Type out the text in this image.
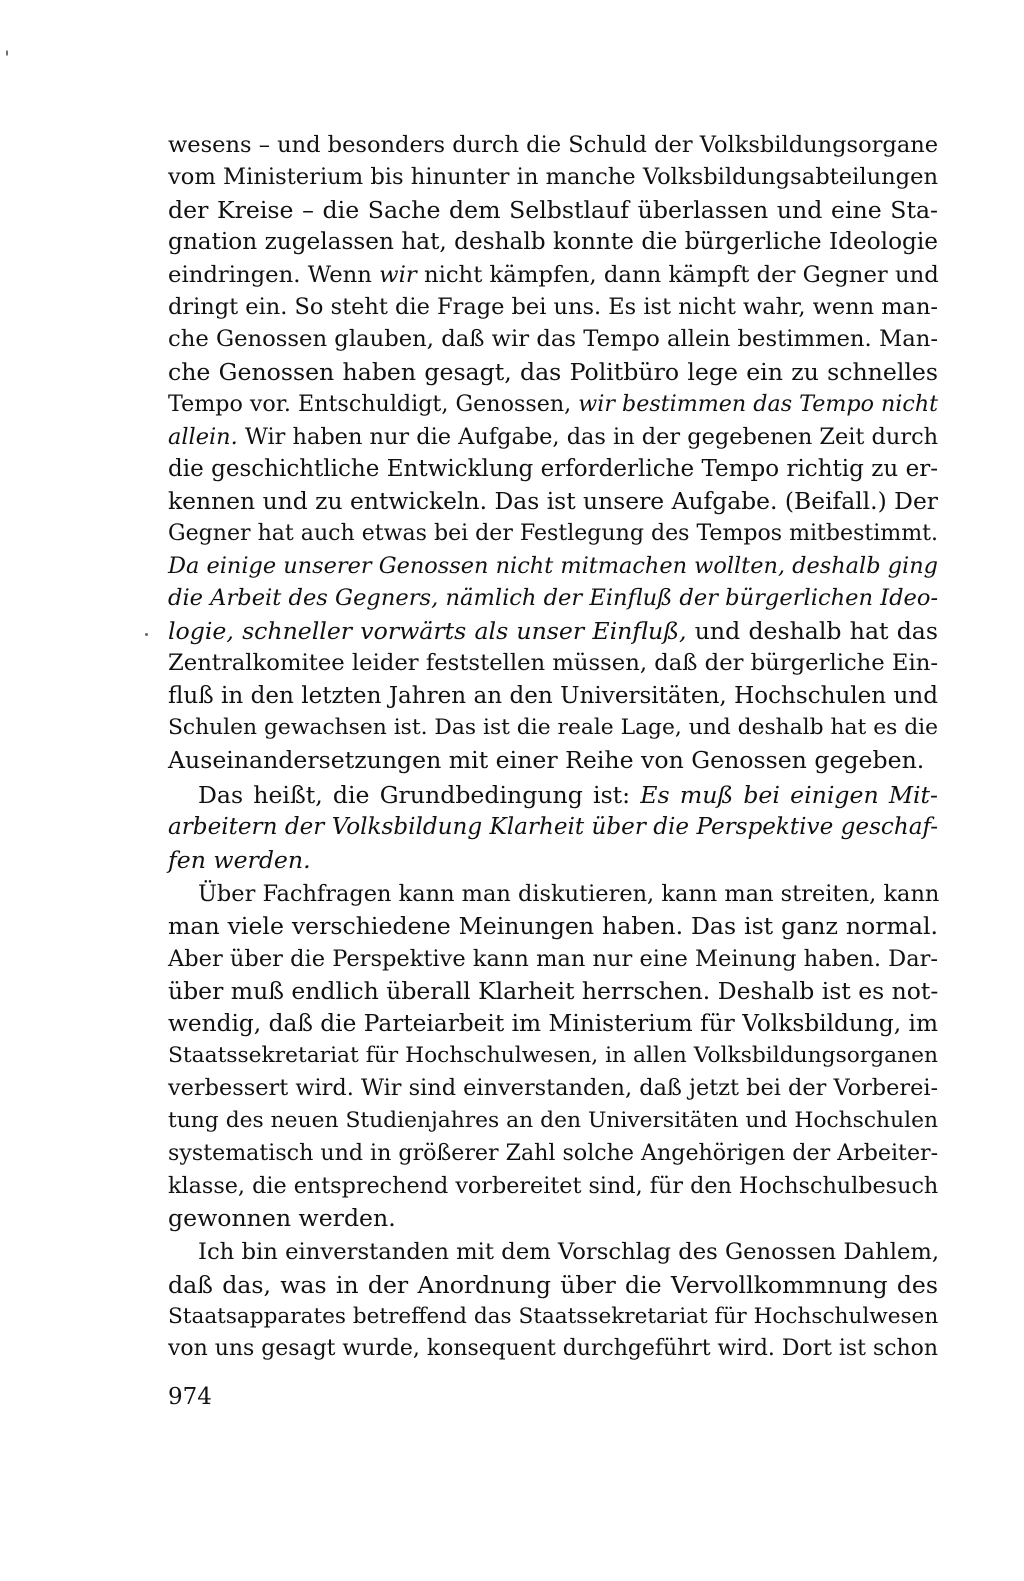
wesens – und besonders durch die Schuld der Volksbildungsorgane
vom Ministerium bis hinunter in manche Volksbildungsabteilungen
der Kreise – die Sache dem Selbstlauf überlassen und eine Sta-
gnation zugelassen hat, deshalb konnte die bürgerliche Ideologie
eindringen. Wenn wir nicht kämpfen, dann kämpft der Gegner und
dringt ein. So steht die Frage bei uns. Es ist nicht wahr, wenn man-
che Genossen glauben, daß wir das Tempo allein bestimmen. Man-
che Genossen haben gesagt, das Politbüro lege ein zu schnelles
Tempo vor. Entschuldigt, Genossen, wir bestimmen das Tempo nicht
allein. Wir haben nur die Aufgabe, das in der gegebenen Zeit durch
die geschichtliche Entwicklung erforderliche Tempo richtig zu er-
kennen und zu entwickeln. Das ist unsere Aufgabe. (Beifall.) Der
Gegner hat auch etwas bei der Festlegung des Tempos mitbestimmt.
Da einige unserer Genossen nicht mitmachen wollten, deshalb ging
die Arbeit des Gegners, nämlich der Einfluß der bürgerlichen Ideo-
logie, schneller vorwärts als unser Einfluß, und deshalb hat das
Zentralkomitee leider feststellen müssen, daß der bürgerliche Ein-
fluß in den letzten Jahren an den Universitäten, Hochschulen und
Schulen gewachsen ist. Das ist die reale Lage, und deshalb hat es die
Auseinandersetzungen mit einer Reihe von Genossen gegeben.
Das heißt, die Grundbedingung ist: Es muß bei einigen Mit-
arbeitern der Volksbildung Klarheit über die Perspektive geschaf-
fen werden.
Über Fachfragen kann man diskutieren, kann man streiten, kann
man viele verschiedene Meinungen haben. Das ist ganz normal.
Aber über die Perspektive kann man nur eine Meinung haben. Dar-
über muß endlich überall Klarheit herrschen. Deshalb ist es not-
wendig, daß die Parteiarbeit im Ministerium für Volksbildung, im
Staatssekretariat für Hochschulwesen, in allen Volksbildungsorganen
verbessert wird. Wir sind einverstanden, daß jetzt bei der Vorberei-
tung des neuen Studienjahres an den Universitäten und Hochschulen
systematisch und in größerer Zahl solche Angehörigen der Arbeiter-
klasse, die entsprechend vorbereitet sind, für den Hochschulbesuch
gewonnen werden.
Ich bin einverstanden mit dem Vorschlag des Genossen Dahlem,
daß das, was in der Anordnung über die Vervollkommnung des
Staatsapparates betreffend das Staatssekretariat für Hochschulwesen
von uns gesagt wurde, konsequent durchgeführt wird. Dort ist schon
974
